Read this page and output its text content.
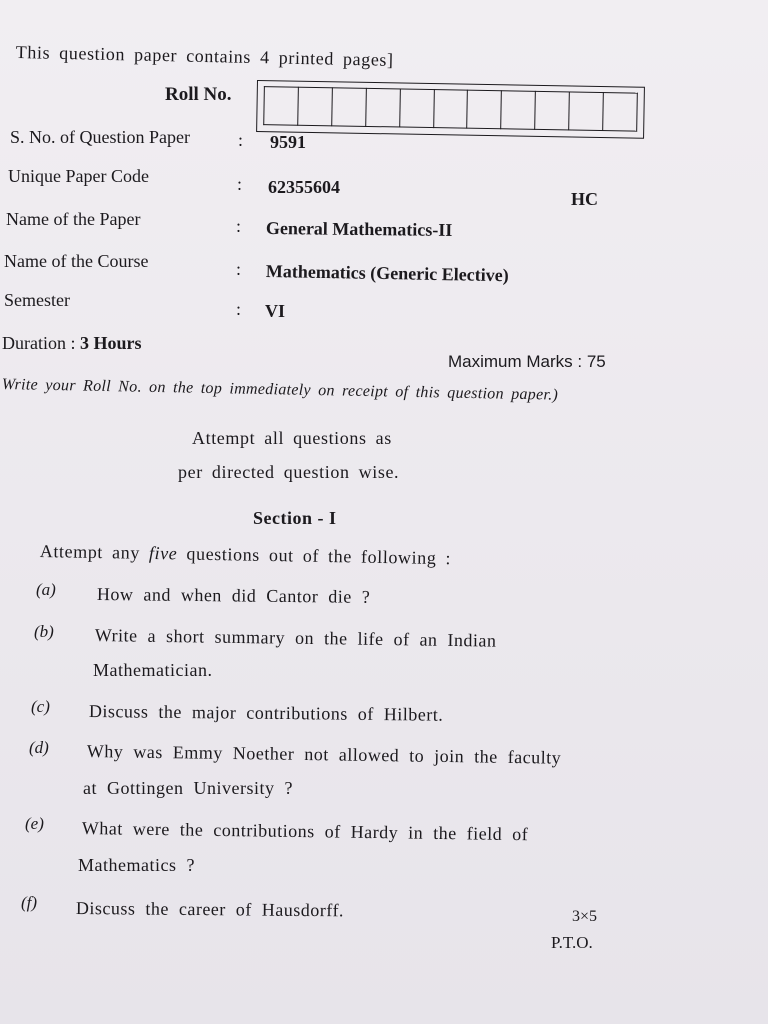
This question paper contains 4 printed pages]
Roll No.
S. No. of Question Paper	: 9591
Unique Paper Code	: 62355604
HC
Name of the Paper	: General Mathematics-II
Name of the Course	: Mathematics (Generic Elective)
Semester	: VI
Duration : 3 Hours
Maximum Marks : 75
Write your Roll No. on the top immediately on receipt of this question paper.)
Attempt all questions as
per directed question wise.
Section - I
Attempt any five questions out of the following :
(a) How and when did Cantor die ?
(b) Write a short summary on the life of an Indian
Mathematician.
(c) Discuss the major contributions of Hilbert.
(d) Why was Emmy Noether not allowed to join the faculty
at Gottingen University ?
(e) What were the contributions of Hardy in the field of
Mathematics ?
(f) Discuss the career of Hausdorff.	3×5
P.T.O.
